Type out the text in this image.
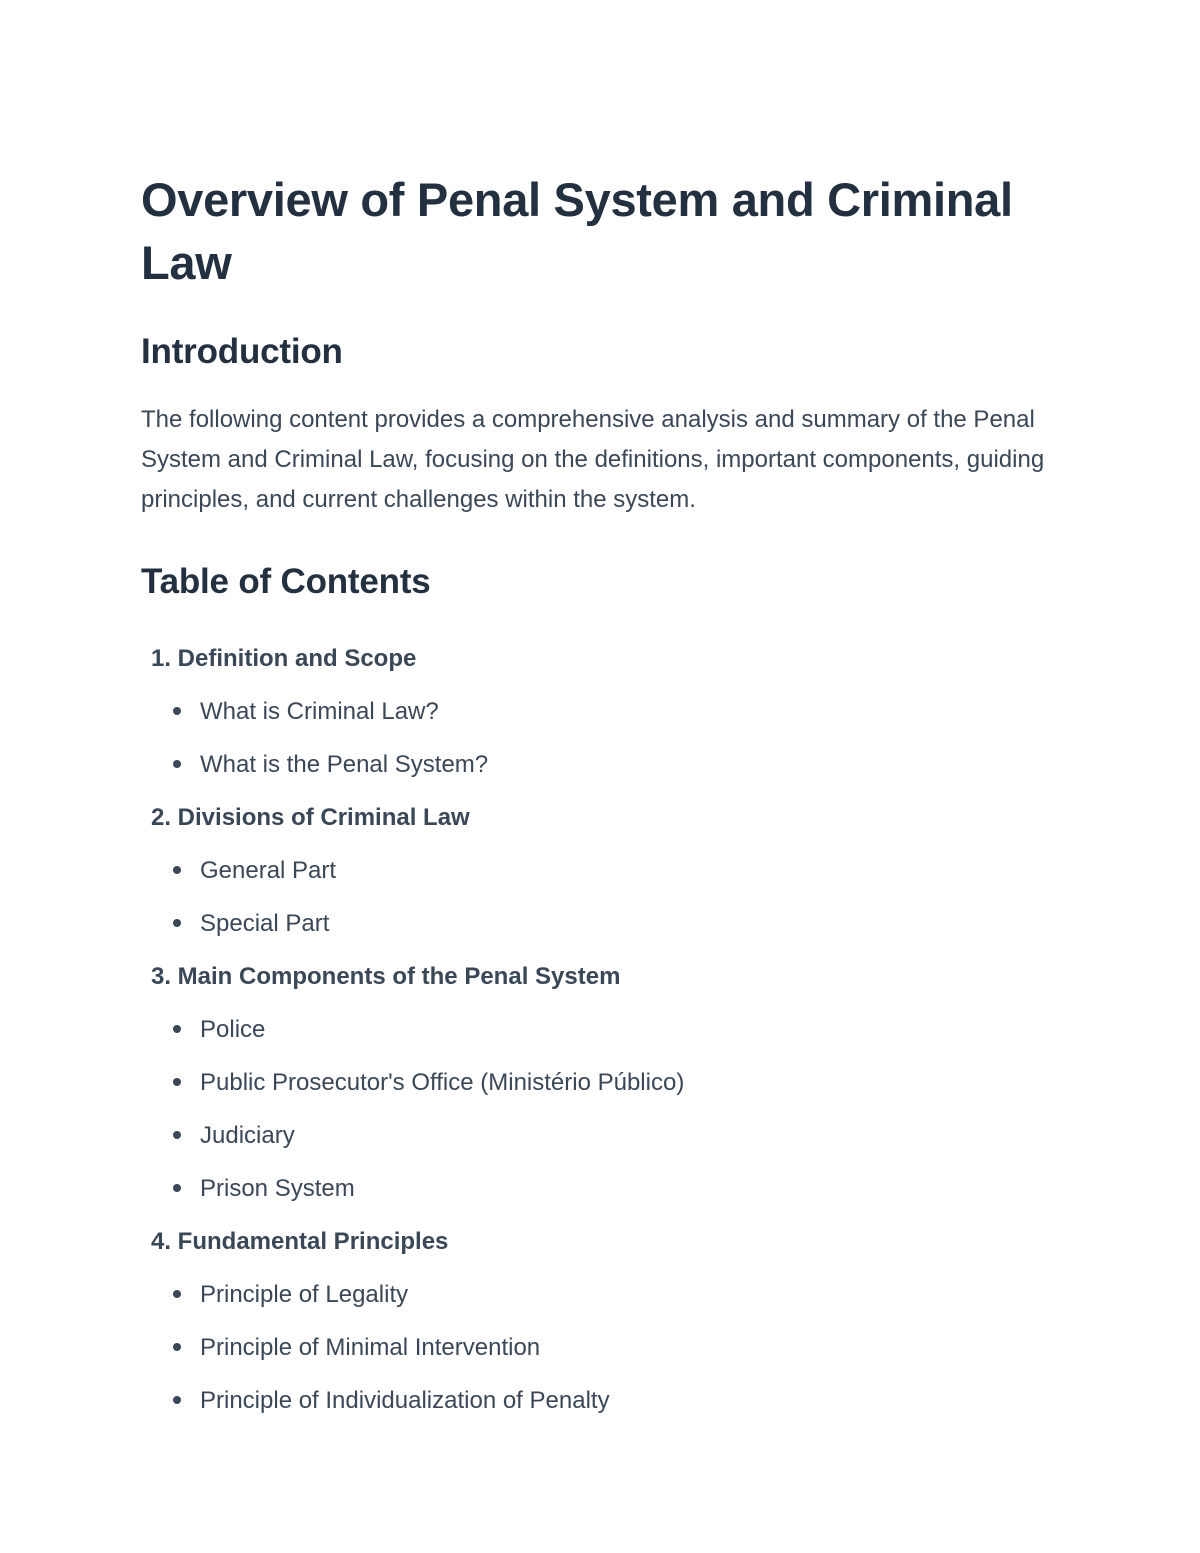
Overview of Penal System and Criminal Law
Introduction

The following content provides a comprehensive analysis and summary of the Penal System and Criminal Law, focusing on the definitions, important components, guiding principles, and current challenges within the system.

Table of Contents
1.
Definition and Scope
What is Criminal Law?
What is the Penal System?
2.
Divisions of Criminal Law
General Part
Special Part
3.
Main Components of the Penal System
Police
Public Prosecutor's Office (Ministério Público)
Judiciary
Prison System
4.
Fundamental Principles
Principle of Legality
Principle of Minimal Intervention
Principle of Individualization of Penalty
